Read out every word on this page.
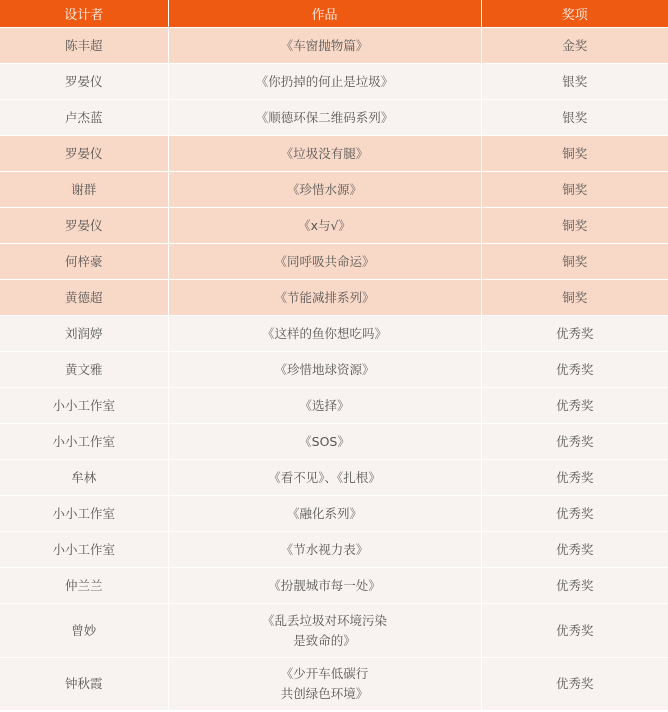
设计者	作品	奖项
陈丰超	《车窗抛物篇》	金奖
罗晏仪	《你扔掉的何止是垃圾》	银奖
卢杰蓝	《顺德环保二维码系列》	银奖
罗晏仪	《垃圾没有腿》	铜奖
谢群	《珍惜水源》	铜奖
罗晏仪	《x与√》	铜奖
何梓豪	《同呼吸共命运》	铜奖
黄德超	《节能减排系列》	铜奖
刘润婷	《这样的鱼你想吃吗》	优秀奖
黄文雅	《珍惜地球资源》	优秀奖
小小工作室	《选择》	优秀奖
小小工作室	《SOS》	优秀奖
牟林	《看不见》、《扎根》	优秀奖
小小工作室	《融化系列》	优秀奖
小小工作室	《节水视力表》	优秀奖
仲兰兰	《扮靓城市每一处》	优秀奖
曾妙	《乱丢垃圾对环境污染
是致命的》	优秀奖
钟秋霞	《少开车低碳行
共创绿色环境》	优秀奖
